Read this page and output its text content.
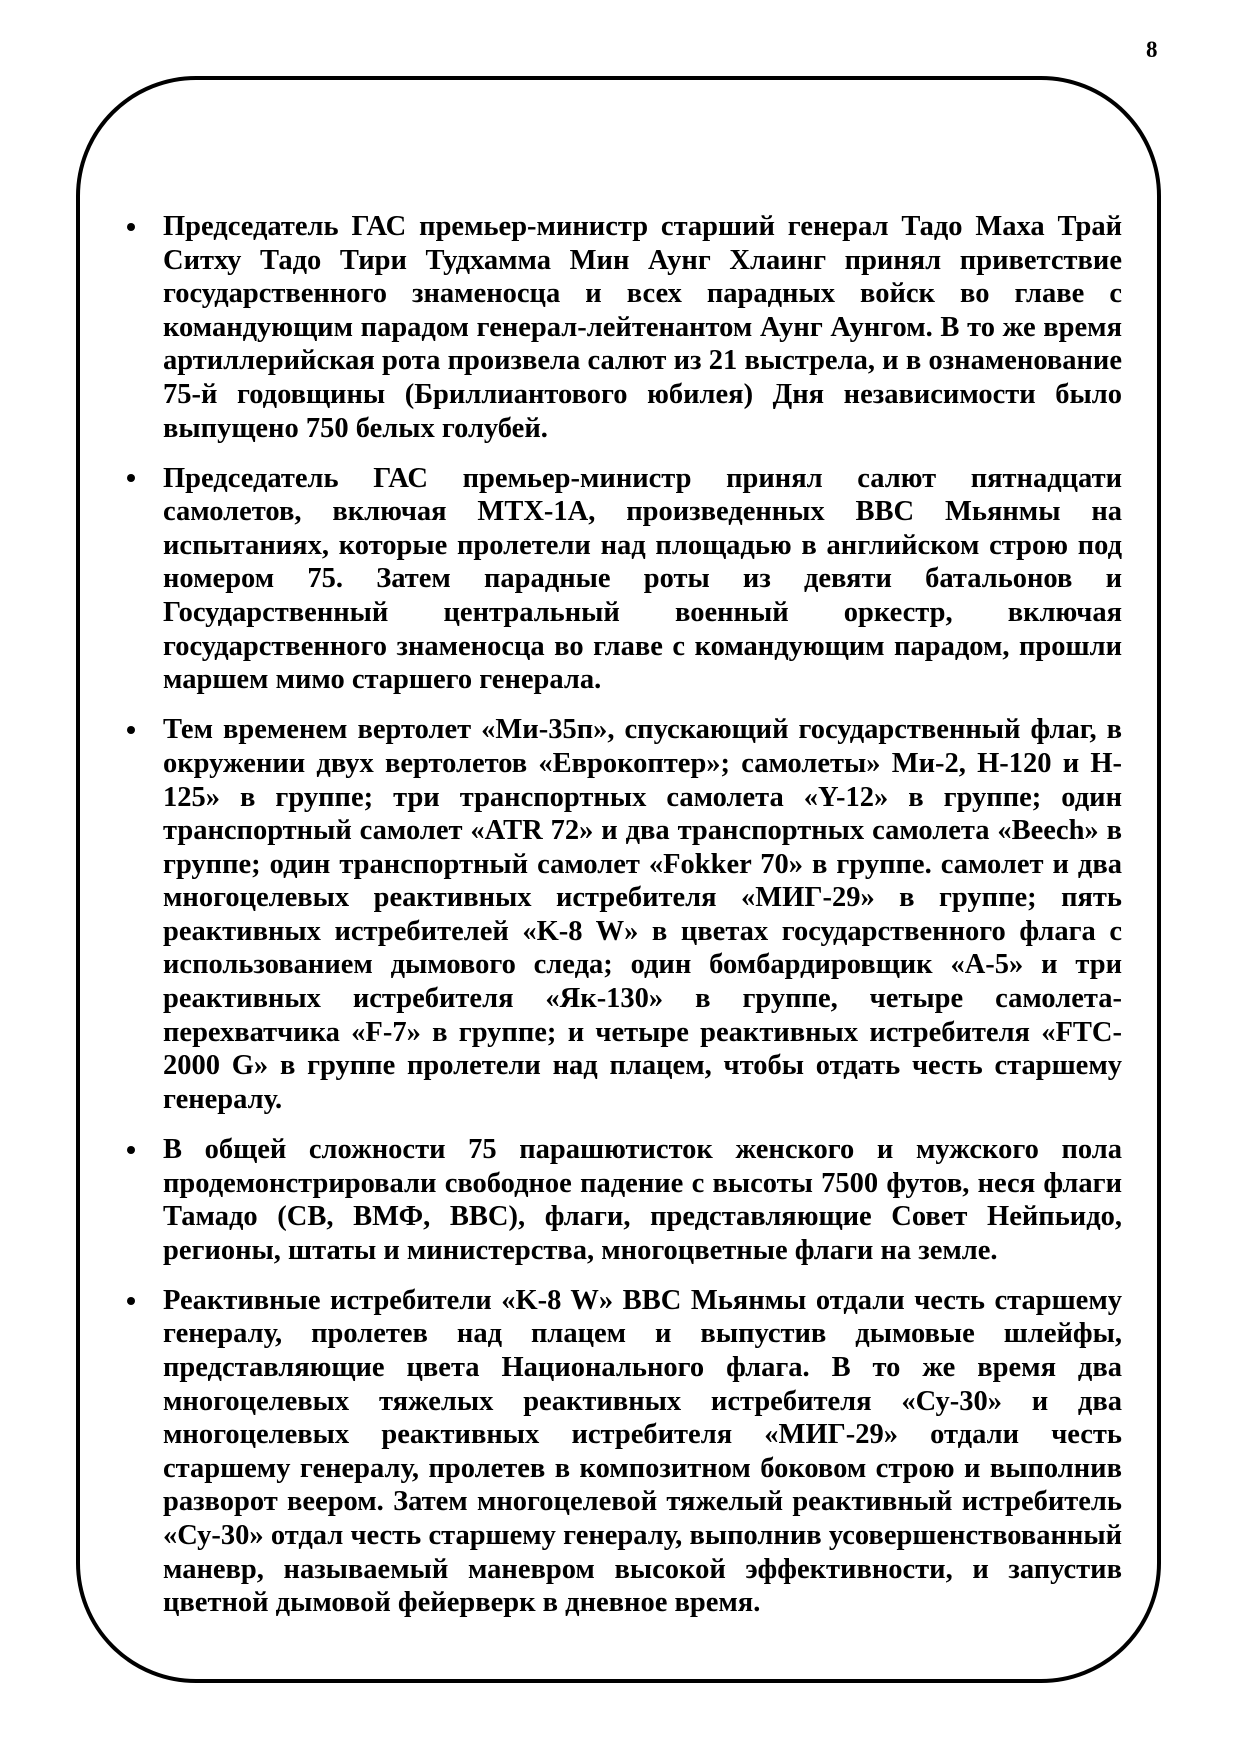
8
Председатель ГАС премьер-министр старший генерал Тадо Маха Трай Ситху Тадо Тири Тудхамма Мин Аунг Хлаинг принял приветствие государственного знаменосца и всех парадных войск во главе с командующим парадом генерал-лейтенантом Аунг Аунгом. В то же время артиллерийская рота произвела салют из 21 выстрела, и в ознаменование 75-й годовщины (Бриллиантового юбилея) Дня независимости было выпущено 750 белых голубей.
Председатель ГАС премьер-министр принял салют пятнадцати самолетов, включая MTX-1A, произведенных ВВС Мьянмы на испытаниях, которые пролетели над площадью в английском строю под номером 75. Затем парадные роты из девяти батальонов и Государственный центральный военный оркестр, включая государственного знаменосца во главе с командующим парадом, прошли маршем мимо старшего генерала.
Тем временем вертолет «Ми-35п», спускающий государственный флаг, в окружении двух вертолетов «Еврокоптер»; самолеты» Ми-2, H-120 и H-125» в группе; три транспортных самолета «Y-12» в группе; один транспортный самолет «ATR 72» и два транспортных самолета «Beech» в группе; один транспортный самолет «Fokker 70» в группе. самолет и два многоцелевых реактивных истребителя «МИГ-29» в группе; пять реактивных истребителей «K-8 W» в цветах государственного флага с использованием дымового следа; один бомбардировщик «A-5» и три реактивных истребителя «Як-130» в группе, четыре самолета-перехватчика «F-7» в группе; и четыре реактивных истребителя «FTC-2000 G» в группе пролетели над плацем, чтобы отдать честь старшему генералу.
В общей сложности 75 парашютисток женского и мужского пола продемонстрировали свободное падение с высоты 7500 футов, неся флаги Тамадо (СВ, ВМФ, ВВС), флаги, представляющие Совет Нейпьидо, регионы, штаты и министерства, многоцветные флаги на земле.
Реактивные истребители «K-8 W» ВВС Мьянмы отдали честь старшему генералу, пролетев над плацем и выпустив дымовые шлейфы, представляющие цвета Национального флага. В то же время два многоцелевых тяжелых реактивных истребителя «Су-30» и два многоцелевых реактивных истребителя «МИГ-29» отдали честь старшему генералу, пролетев в композитном боковом строю и выполнив разворот веером. Затем многоцелевой тяжелый реактивный истребитель «Су-30» отдал честь старшему генералу, выполнив усовершенствованный маневр, называемый маневром высокой эффективности, и запустив цветной дымовой фейерверк в дневное время.
